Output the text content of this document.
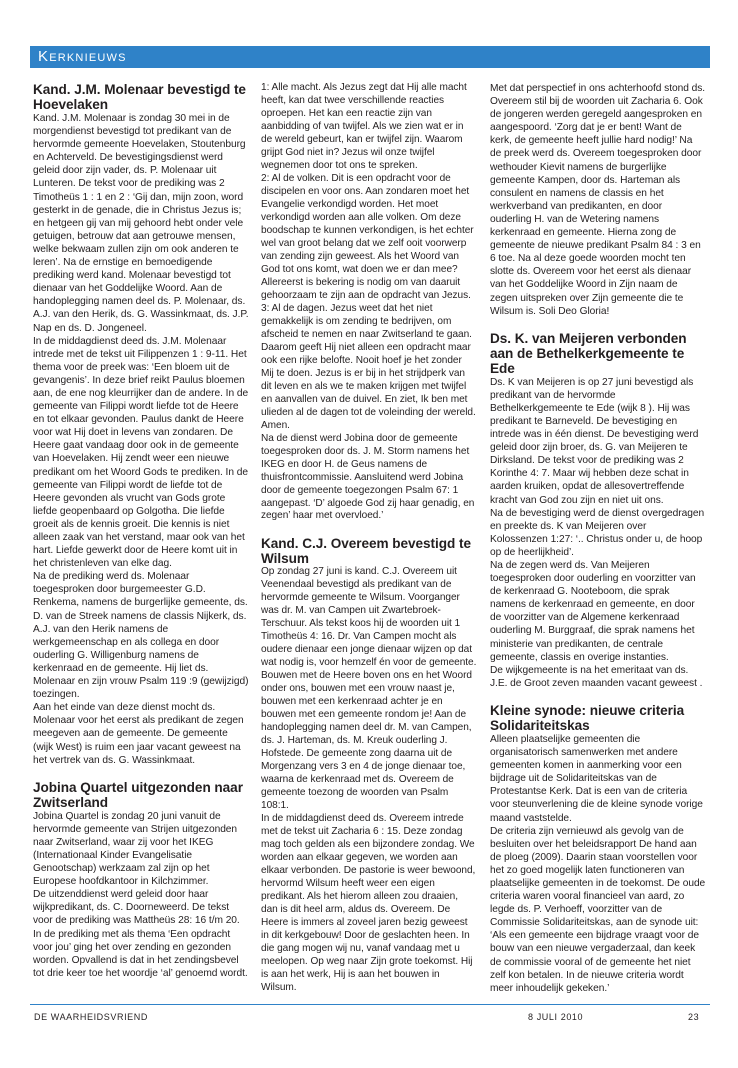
Kerknieuws
Kand. J.M. Molenaar bevestigd te Hoevelaken

Kand. J.M. Molenaar is zondag 30 mei in de morgendienst bevestigd tot predikant van de hervormde gemeente Hoevelaken, Stoutenburg en Achterveld. De bevestigingsdienst werd geleid door zijn vader, ds. P. Molenaar uit Lunteren. De tekst voor de prediking was 2 Timotheüs 1 : 1 en 2 : ‘Gij dan, mijn zoon, word gesterkt in de genade, die in Christus Jezus is; en hetgeen gij van mij gehoord hebt onder vele getuigen, betrouw dat aan getrouwe mensen, welke bekwaam zullen zijn om ook anderen te leren’. Na de ernstige en bemoedigende prediking werd kand. Molenaar bevestigd tot dienaar van het Goddelijke Woord. Aan de handoplegging namen deel ds. P. Molenaar, ds. A.J. van den Herik, ds. G. Wassinkmaat, ds. J.P. Nap en ds. D. Jongeneel.

In de middagdienst deed ds. J.M. Molenaar intrede met de tekst uit Filippenzen 1 : 9-11. Het thema voor de preek was: ‘Een bloem uit de gevangenis’. In deze brief reikt Paulus bloemen aan, de ene nog kleurrijker dan de andere. In de gemeente van Filippi wordt liefde tot de Heere en tot elkaar gevonden. Paulus dankt de Heere voor wat Hij doet in levens van zondaren. De Heere gaat vandaag door ook in de gemeente van Hoevelaken. Hij zendt weer een nieuwe predikant om het Woord Gods te prediken. In de gemeente van Filippi wordt de liefde tot de Heere gevonden als vrucht van Gods grote liefde geopenbaard op Golgotha. Die liefde groeit als de kennis groeit. Die kennis is niet alleen zaak van het verstand, maar ook van het hart. Liefde gewerkt door de Heere komt uit in het christenleven van elke dag.

Na de prediking werd ds. Molenaar toegesproken door burgemeester G.D. Renkema, namens de burgerlijke gemeente, ds. D. van de Streek namens de classis Nijkerk, ds. A.J. van den Herik namens de werkgemeenschap en als collega en door ouderling G. Willigenburg namens de kerkenraad en de gemeente. Hij liet ds. Molenaar en zijn vrouw Psalm 119 :9 (gewijzigd) toezingen.

Aan het einde van deze dienst mocht ds. Molenaar voor het eerst als predikant de zegen meegeven aan de gemeente. De gemeente (wijk West) is ruim een jaar vacant geweest na het vertrek van ds. G. Wassinkmaat.

Jobina Quartel uitgezonden naar Zwitserland

Jobina Quartel is zondag 20 juni vanuit de hervormde gemeente van Strijen uitgezonden naar Zwitserland, waar zij voor het IKEG (Internationaal Kinder Evangelisatie Genootschap) werkzaam zal zijn op het Europese hoofdkantoor in Kilchzimmer.

De uitzenddienst werd geleid door haar wijkpredikant, ds. C. Doorneweerd. De tekst voor de prediking was Mattheüs 28: 16 t/m 20. In de prediking met als thema ‘Een opdracht voor jou’ ging het over zending en gezonden worden. Opvallend is dat in het zendingsbevel tot drie keer toe het woordje ‘al’ genoemd wordt.

1: Alle macht. Als Jezus zegt dat Hij alle macht heeft, kan dat twee verschillende reacties oproepen. Het kan een reactie zijn van aanbidding of van twijfel. Als we zien wat er in de wereld gebeurt, kan er twijfel zijn. Waarom grijpt God niet in? Jezus wil onze twijfel wegnemen door tot ons te spreken.

2: Al de volken. Dit is een opdracht voor de discipelen en voor ons. Aan zondaren moet het Evangelie verkondigd worden. Het moet verkondigd worden aan alle volken. Om deze boodschap te kunnen verkondigen, is het echter wel van groot belang dat we zelf ooit voorwerp van zending zijn geweest. Als het Woord van God tot ons komt, wat doen we er dan mee? Allereerst is bekering is nodig om van daaruit gehoorzaam te zijn aan de opdracht van Jezus.

3: Al de dagen. Jezus weet dat het niet gemakkelijk is om zending te bedrijven, om afscheid te nemen en naar Zwitserland te gaan. Daarom geeft Hij niet alleen een opdracht maar ook een rijke belofte. Nooit hoef je het zonder Mij te doen. Jezus is er bij in het strijdperk van dit leven en als we te maken krijgen met twijfel en aanvallen van de duivel. En ziet, Ik ben met ulieden al de dagen tot de voleinding der wereld. Amen.

Na de dienst werd Jobina door de gemeente toegesproken door ds. J. M. Storm namens het IKEG en door H. de Geus namens de thuisfrontcommissie. Aansluitend werd Jobina door de gemeente toegezongen Psalm 67: 1 aangepast. ‘D’ algoede God zij haar genadig, en zegen’ haar met overvloed.’

Kand. C.J. Overeem bevestigd te Wilsum

Op zondag 27 juni is kand. C.J. Overeem uit Veenendaal bevestigd als predikant van de hervormde gemeente te Wilsum. Voorganger was dr. M. van Campen uit Zwartebroek-Terschuur. Als tekst koos hij de woorden uit 1 Timotheüs 4: 16. Dr. Van Campen mocht als oudere dienaar een jonge dienaar wijzen op dat wat nodig is, voor hemzelf én voor de gemeente. Bouwen met de Heere boven ons en het Woord onder ons, bouwen met een vrouw naast je, bouwen met een kerkenraad achter je en bouwen met een gemeente rondom je! Aan de handoplegging namen deel dr. M. van Campen, ds. J. Harteman, ds. M. Kreuk ouderling J. Hofstede. De gemeente zong daarna uit de Morgenzang vers 3 en 4 de jonge dienaar toe, waarna de kerkenraad met ds. Overeem de gemeente toezong de woorden van Psalm 108:1.

In de middagdienst deed ds. Overeem intrede met de tekst uit Zacharia 6 : 15. Deze zondag mag toch gelden als een bijzondere zondag. We worden aan elkaar gegeven, we worden aan elkaar verbonden. De pastorie is weer bewoond, hervormd Wilsum heeft weer een eigen predikant. Als het hierom alleen zou draaien, dan is dit heel arm, aldus ds. Overeem. De Heere is immers al zoveel jaren bezig geweest in dit kerkgebouw! Door de geslachten heen. In die gang mogen wij nu, vanaf vandaag met u meelopen. Op weg naar Zijn grote toekomst. Hij is aan het werk, Hij is aan het bouwen in Wilsum.

Met dat perspectief in ons achterhoofd stond ds. Overeem stil bij de woorden uit Zacharia 6. Ook de jongeren werden geregeld aangesproken en aangespoord. ‘Zorg dat je er bent! Want de kerk, de gemeente heeft jullie hard nodig!’ Na de preek werd ds. Overeem toegesproken door wethouder Kievit namens de burgerlijke gemeente Kampen, door ds. Harteman als consulent en namens de classis en het werkverband van predikanten, en door ouderling H. van de Wetering namens kerkenraad en gemeente. Hierna zong de gemeente de nieuwe predikant Psalm 84 : 3 en 6 toe. Na al deze goede woorden mocht ten slotte ds. Overeem voor het eerst als dienaar van het Goddelijke Woord in Zijn naam de zegen uitspreken over Zijn gemeente die te Wilsum is. Soli Deo Gloria!

Ds. K. van Meijeren verbonden aan de Bethelkerkgemeente te Ede

Ds. K van Meijeren is op 27 juni bevestigd als predikant van de hervormde Bethelkerkgemeente te Ede (wijk 8 ). Hij was predikant te Barneveld. De bevestiging en intrede was in één dienst. De bevestiging werd geleid door zijn broer, ds. G. van Meijeren te Dirksland. De tekst voor de prediking was 2 Korinthe 4: 7. Maar wij hebben deze schat in aarden kruiken, opdat de allesovertreffende kracht van God zou zijn en niet uit ons.

Na de bevestiging werd de dienst overgedragen en preekte ds. K van Meijeren over Kolossenzen 1:27: ‘.. Christus onder u, de hoop op de heerlijkheid’.

Na de zegen werd ds. Van Meijeren toegesproken door ouderling en voorzitter van de kerkenraad G. Nooteboom, die sprak namens de kerkenraad en gemeente, en door de voorzitter van de Algemene kerkenraad ouderling M. Burggraaf, die sprak namens het ministerie van predikanten, de centrale gemeente, classis en overige instanties.

De wijkgemeente is na het emeritaat van ds. J.E. de Groot zeven maanden vacant geweest .

Kleine synode: nieuwe criteria Solidariteitskas

Alleen plaatselijke gemeenten die organisatorisch samenwerken met andere gemeenten komen in aanmerking voor een bijdrage uit de Solidariteitskas van de Protestantse Kerk. Dat is een van de criteria voor steunverlening die de kleine synode vorige maand vaststelde.

De criteria zijn vernieuwd als gevolg van de besluiten over het beleidsrapport De hand aan de ploeg (2009). Daarin staan voorstellen voor het zo goed mogelijk laten functioneren van plaatselijke gemeenten in de toekomst. De oude criteria waren vooral financieel van aard, zo legde ds. P. Verhoeff, voorzitter van de Commissie Solidariteitskas, aan de synode uit: ‘Als een gemeente een bijdrage vraagt voor de bouw van een nieuwe vergaderzaal, dan keek de commissie vooral of de gemeente het niet zelf kon betalen. In de nieuwe criteria wordt meer inhoudelijk gekeken.’

DE WAARHEIDSVRIEND	8 JULI 2010	23
